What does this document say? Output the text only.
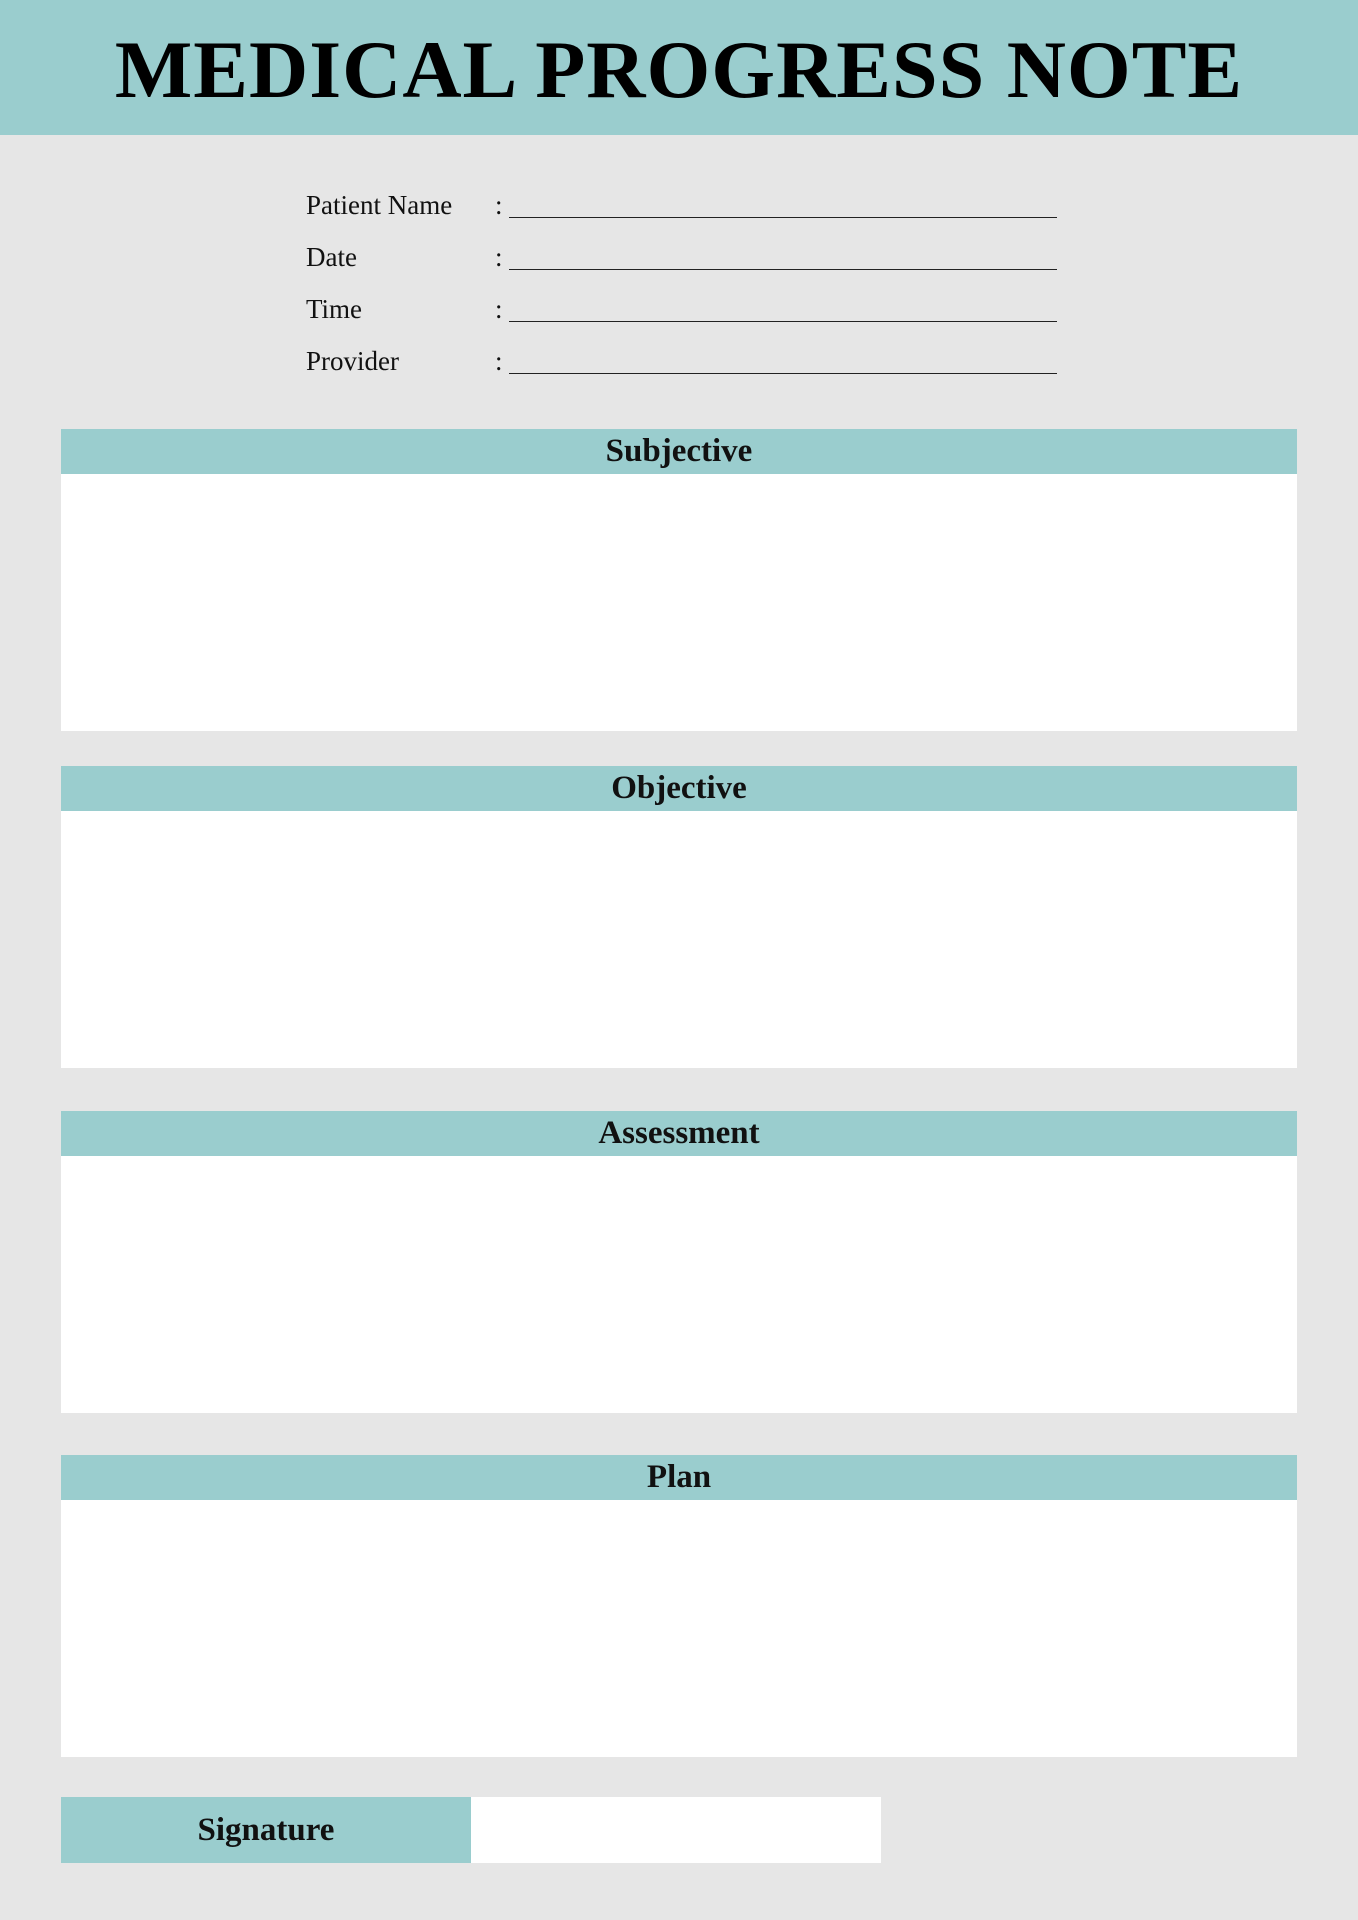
MEDICAL PROGRESS NOTE
Patient Name :
Date	:
Time	:
Provider	:
Subjective
Objective
Assessment
Plan
Signature
